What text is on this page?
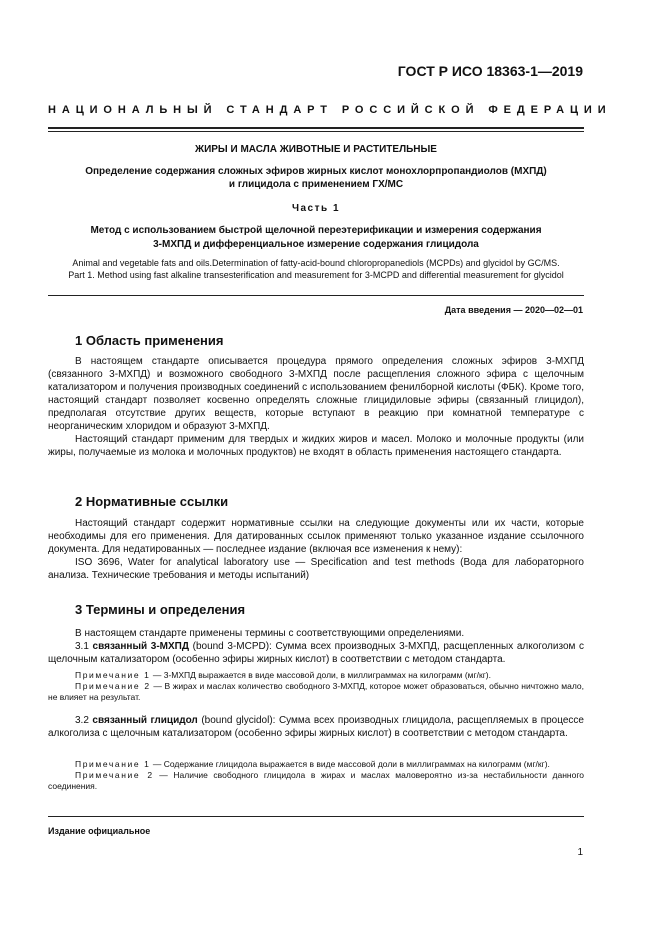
ГОСТ Р ИСО 18363-1—2019
НАЦИОНАЛЬНЫЙ СТАНДАРТ РОССИЙСКОЙ ФЕДЕРАЦИИ
ЖИРЫ И МАСЛА ЖИВОТНЫЕ И РАСТИТЕЛЬНЫЕ
Определение содержания сложных эфиров жирных кислот монохлорпропандиолов (МХПД)
и глицидола с применением ГХ/МС
Часть 1
Метод с использованием быстрой щелочной переэтерификации и измерения содержания
3-МХПД и дифференциальное измерение содержания глицидола
Animal and vegetable fats and oils.Determination of fatty-acid-bound chloropropanediols (MCPDs) and glycidol by GC/MS.
Part 1. Method using fast alkaline transesterification and measurement for 3-MCPD and differential measurement for glycidol
Дата введения — 2020—02—01
1 Область применения

В настоящем стандарте описывается процедура прямого определения сложных эфиров 3-МХПД (связанного 3-МХПД) и возможного свободного 3-МХПД после расщепления сложного эфира с щелочным катализатором и получения производных соединений с использованием фенилборной кислоты (ФБК). Кроме того, настоящий стандарт позволяет косвенно определять сложные глицидиловые эфиры (связанный глицидол), предполагая отсутствие других веществ, которые вступают в реакцию при комнатной температуре с неорганическим хлоридом и образуют 3-МХПД.

Настоящий стандарт применим для твердых и жидких жиров и масел. Молоко и молочные продукты (или жиры, получаемые из молока и молочных продуктов) не входят в область применения настоящего стандарта.

2 Нормативные ссылки

Настоящий стандарт содержит нормативные ссылки на следующие документы или их части, которые необходимы для его применения. Для датированных ссылок применяют только указанное издание ссылочного документа. Для недатированных — последнее издание (включая все изменения к нему):

ISO 3696, Water for analytical laboratory use — Specification and test methods (Вода для лабораторного анализа. Технические требования и методы испытаний)

3 Термины и определения

В настоящем стандарте применены термины с соответствующими определениями.

3.1 связанный 3-МХПД (bound 3-MCPD): Сумма всех производных 3-МХПД, расщепленных алкоголизом с щелочным катализатором (особенно эфиры жирных кислот) в соответствии с методом стандарта.

Примечание 1 — 3-МХПД выражается в виде массовой доли, в миллиграммах на килограмм (мг/кг).

Примечание 2 — В жирах и маслах количество свободного 3-МХПД, которое может образоваться, обычно ничтожно мало, не влияет на результат.

3.2 связанный глицидол (bound glycidol): Сумма всех производных глицидола, расщепляемых в процессе алкоголиза с щелочным катализатором (особенно эфиры жирных кислот) в соответствии с методом стандарта.

Примечание 1 — Содержание глицидола выражается в виде массовой доли в миллиграммах на килограмм (мг/кг).

Примечание 2 — Наличие свободного глицидола в жирах и маслах маловероятно из-за нестабильности данного соединения.

Издание официальное
1
